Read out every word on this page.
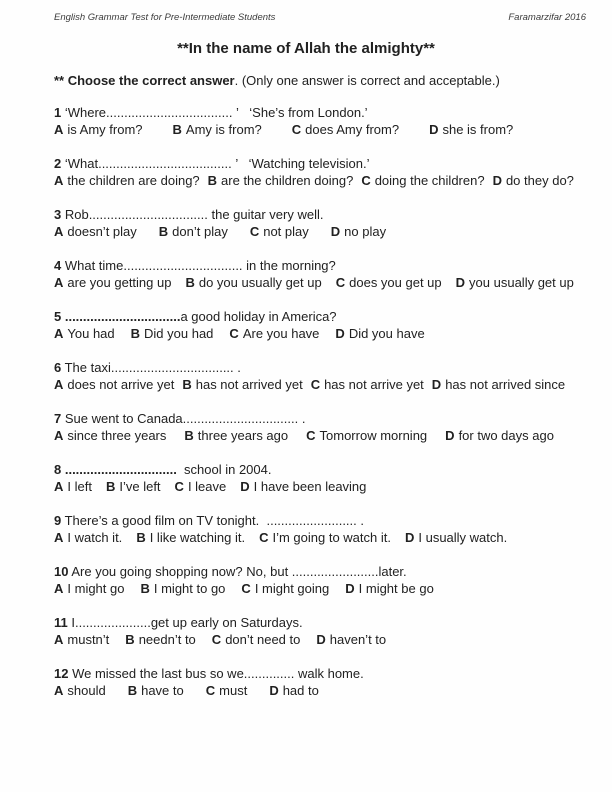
English Grammar Test for Pre-Intermediate Students	Faramarzifar 2016
**In the name of Allah the almighty**
** Choose the correct answer. (Only one answer is correct and acceptable.)
1 ‘Where................................... ’   ‘She’s from London.’
A is Amy from? B Amy is from? C does Amy from? D she is from?
2 ‘What..................................... ’   ‘Watching television.’
A the children are doing? B are the children doing? C doing the children? D do they do?
3 Rob................................. the guitar very well.
A doesn’t play B don’t play C not play D no play
4 What time................................. in the morning?
A are you getting up B do you usually get up C does you get up D you usually get up
5 ................................a good holiday in America?
A You had B Did you had C Are you have D Did you have
6 The taxi.................................. .
A does not arrive yet B has not arrived yet C has not arrive yet D has not arrived since
7 Sue went to Canada................................ .
A since three years B three years ago C Tomorrow morning D for two days ago
8 ...............................  school in 2004.
A I left B I’ve left C I leave D I have been leaving
9 There’s a good film on TV tonight.  ......................... .
A I watch it. B I like watching it. C I’m going to watch it. D I usually watch.
10 Are you going shopping now? No, but ........................later.
A I might go B I might to go C I might going D I might be go
11 I.....................get up early on Saturdays.
A mustn’t B needn’t to C don’t need to D haven’t to
12 We missed the last bus so we.............. walk home.
A should B have to C must D had to
